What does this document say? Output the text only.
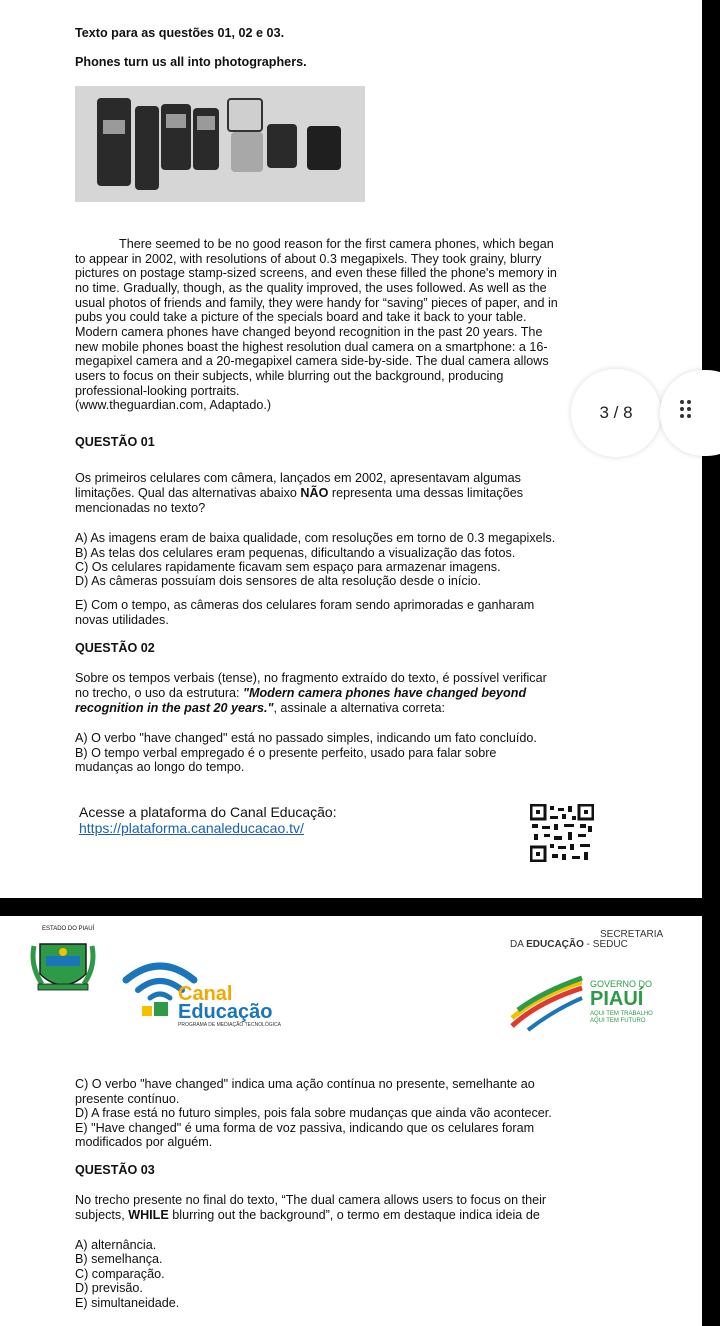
Texto para as questões 01, 02 e 03.
Phones turn us all into photographers.
There seemed to be no good reason for the first camera phones, which began
to appear in 2002, with resolutions of about 0.3 megapixels. They took grainy, blurry
pictures on postage stamp-sized screens, and even these filled the phone's memory in
no time. Gradually, though, as the quality improved, the uses followed. As well as the
usual photos of friends and family, they were handy for “saving” pieces of paper, and in
pubs you could take a picture of the specials board and take it back to your table.
Modern camera phones have changed beyond recognition in the past 20 years. The
new mobile phones boast the highest resolution dual camera on a smartphone: a 16-
megapixel camera and a 20-megapixel camera side-by-side. The dual camera allows
users to focus on their subjects, while blurring out the background, producing
professional-looking portraits.
(www.theguardian.com, Adaptado.)
QUESTÃO 01
Os primeiros celulares com câmera, lançados em 2002, apresentavam algumas
limitações. Qual das alternativas abaixo NÃO representa uma dessas limitações
mencionadas no texto?
A) As imagens eram de baixa qualidade, com resoluções em torno de 0.3 megapixels.
B) As telas dos celulares eram pequenas, dificultando a visualização das fotos.
C) Os celulares rapidamente ficavam sem espaço para armazenar imagens.
D) As câmeras possuíam dois sensores de alta resolução desde o início.
E) Com o tempo, as câmeras dos celulares foram sendo aprimoradas e ganharam
novas utilidades.
QUESTÃO 02
Sobre os tempos verbais (tense), no fragmento extraído do texto, é possível verificar
no trecho, o uso da estrutura: "Modern camera phones have changed beyond
recognition in the past 20 years.", assinale a alternativa correta:
A) O verbo "have changed" está no passado simples, indicando um fato concluído.
B) O tempo verbal empregado é o presente perfeito, usado para falar sobre
mudanças ao longo do tempo.
Acesse a plataforma do Canal Educação:
https://plataforma.canaleducacao.tv/
3 / 8
ESTADO DO PIAUÍ
Canal
Educação
PROGRAMA DE MEDIAÇÃO TECNOLÓGICA
SECRETARIA
DA EDUCAÇÃO - SEDUC
GOVERNO DO
PIAUÍ
AQUI TEM TRABALHO
AQUI TEM FUTURO
C) O verbo "have changed" indica uma ação contínua no presente, semelhante ao
presente contínuo.
D) A frase está no futuro simples, pois fala sobre mudanças que ainda vão acontecer.
E) "Have changed" é uma forma de voz passiva, indicando que os celulares foram
modificados por alguém.
QUESTÃO 03
No trecho presente no final do texto, “The dual camera allows users to focus on their
subjects, WHILE blurring out the background”, o termo em destaque indica ideia de
A) alternância.
B) semelhança.
C) comparação.
D) previsão.
E) simultaneidade.
